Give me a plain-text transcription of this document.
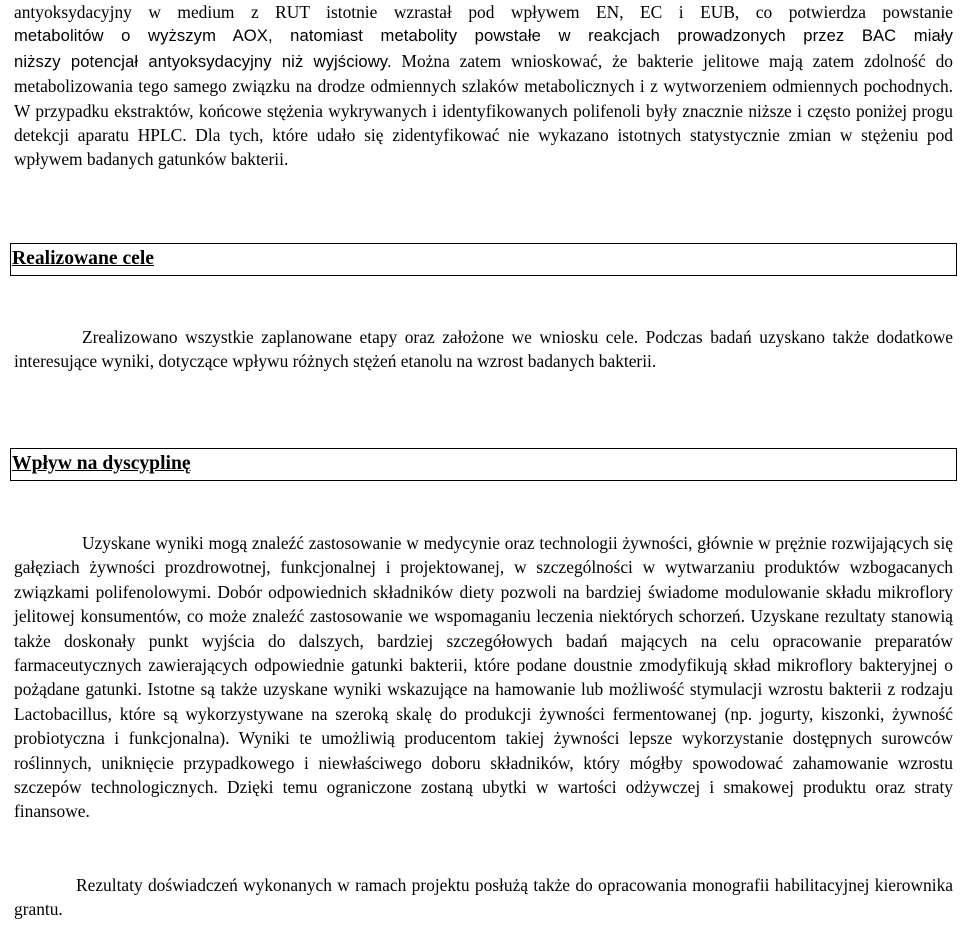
antyoksydacyjny w medium z RUT istotnie wzrastał pod wpływem EN, EC i EUB, co potwierdza powstanie

metabolitów o wyższym AOX, natomiast metabolity powstałe w reakcjach prowadzonych przez BAC miały

niższy potencjał antyoksydacyjny niż wyjściowy. Można zatem wnioskować, że bakterie jelitowe mają zatem zdolność do metabolizowania tego samego związku na drodze odmiennych szlaków metabolicznych i z wytworzeniem odmiennych pochodnych. W przypadku ekstraktów, końcowe stężenia wykrywanych i identyfikowanych polifenoli były znacznie niższe i często poniżej progu detekcji aparatu HPLC. Dla tych, które udało się zidentyfikować nie wykazano istotnych statystycznie zmian w stężeniu pod wpływem badanych gatunków bakterii.

Realizowane cele

Zrealizowano wszystkie zaplanowane etapy oraz założone we wniosku cele. Podczas badań uzyskano także dodatkowe interesujące wyniki, dotyczące wpływu różnych stężeń etanolu na wzrost badanych bakterii.

Wpływ na dyscyplinę

Uzyskane wyniki mogą znaleźć zastosowanie w medycynie oraz technologii żywności, głównie w prężnie rozwijających się gałęziach żywności prozdrowotnej, funkcjonalnej i projektowanej, w szczególności w wytwarzaniu produktów wzbogacanych związkami polifenolowymi. Dobór odpowiednich składników diety pozwoli na bardziej świadome modulowanie składu mikroflory jelitowej konsumentów, co może znaleźć zastosowanie we wspomaganiu leczenia niektórych schorzeń. Uzyskane rezultaty stanowią także doskonały punkt wyjścia do dalszych, bardziej szczegółowych badań mających na celu opracowanie preparatów farmaceutycznych zawierających odpowiednie gatunki bakterii, które podane doustnie zmodyfikują skład mikroflory bakteryjnej o pożądane gatunki. Istotne są także uzyskane wyniki wskazujące na hamowanie lub możliwość stymulacji wzrostu bakterii z rodzaju Lactobacillus, które są wykorzystywane na szeroką skalę do produkcji żywności fermentowanej (np. jogurty, kiszonki, żywność probiotyczna i funkcjonalna). Wyniki te umożliwią producentom takiej żywności lepsze wykorzystanie dostępnych surowców roślinnych, uniknięcie przypadkowego i niewłaściwego doboru składników, który mógłby spowodować zahamowanie wzrostu szczepów technologicznych. Dzięki temu ograniczone zostaną ubytki w wartości odżywczej i smakowej produktu oraz straty finansowe.

Rezultaty doświadczeń wykonanych w ramach projektu posłużą także do opracowania monografii habilitacyjnej kierownika grantu.
